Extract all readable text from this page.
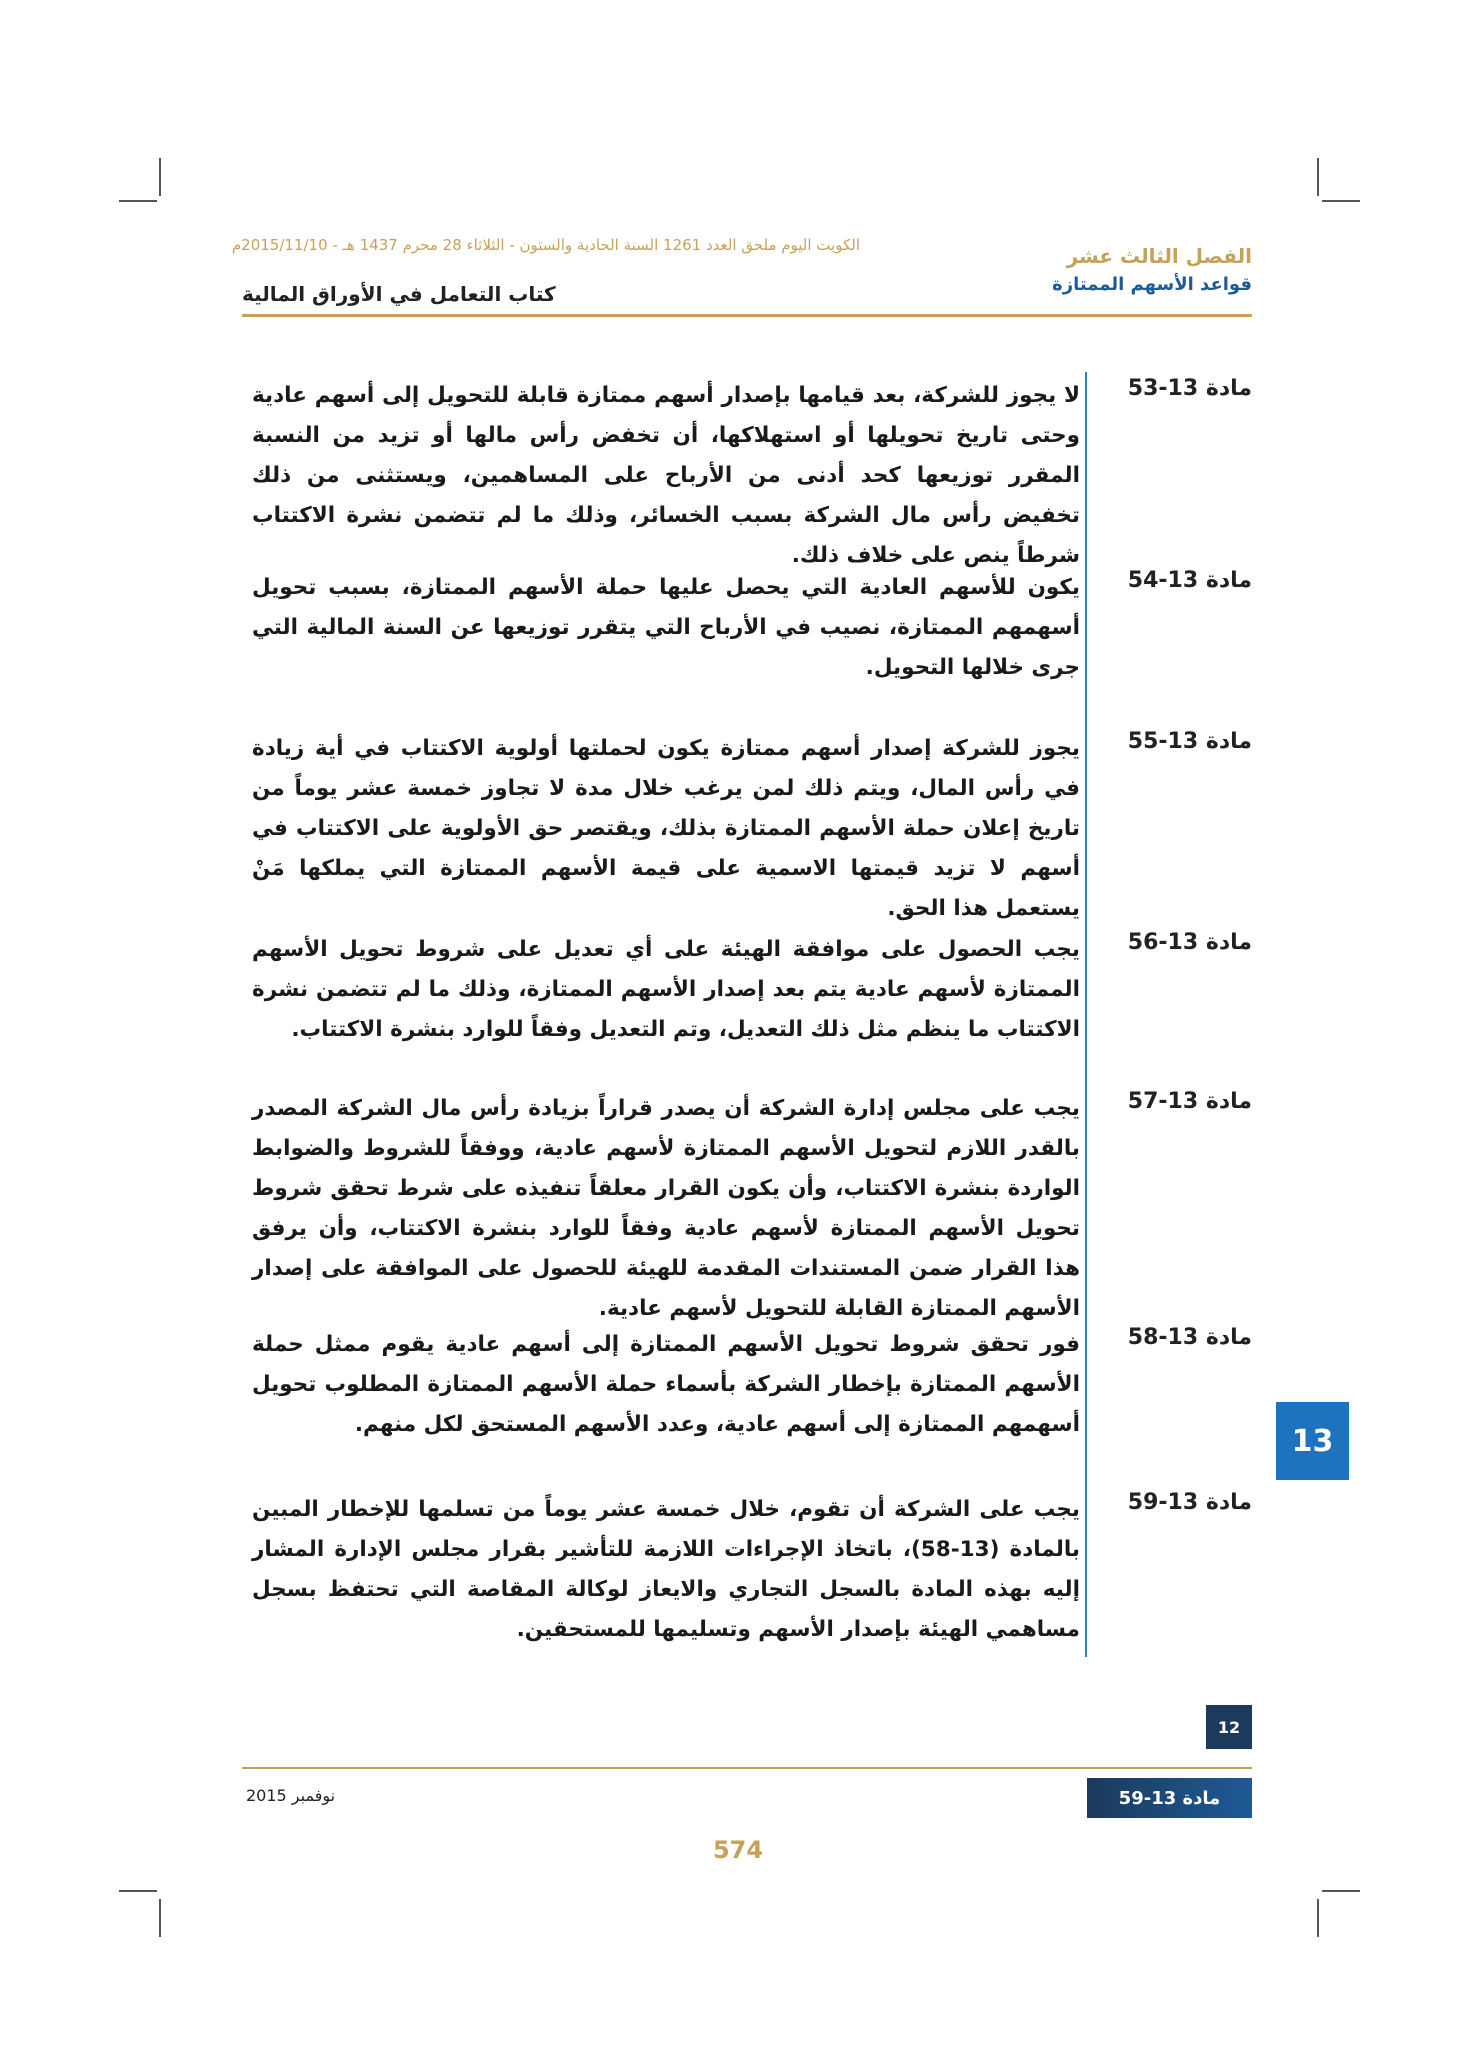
الكويت اليوم ملحق العدد 1261 السنة الحادية والستون - الثلاثاء 28 محرم 1437 هـ - 2015/11/10م	الفصل الثالث عشر
قواعد الأسهم الممتازة
كتاب التعامل في الأوراق المالية
مادة 13-53
لا يجوز للشركة، بعد قيامها بإصدار أسهم ممتازة قابلة للتحويل إلى أسهم عادية وحتى تاريخ تحويلها أو استهلاكها، أن تخفض رأس مالها أو تزيد من النسبة المقرر توزيعها كحد أدنى من الأرباح على المساهمين، ويستثنى من ذلك تخفيض رأس مال الشركة بسبب الخسائر، وذلك ما لم تتضمن نشرة الاكتتاب شرطاً ينص على خلاف ذلك.
مادة 13-54
يكون للأسهم العادية التي يحصل عليها حملة الأسهم الممتازة، بسبب تحويل أسهمهم الممتازة، نصيب في الأرباح التي يتقرر توزيعها عن السنة المالية التي جرى خلالها التحويل.
مادة 13-55
يجوز للشركة إصدار أسهم ممتازة يكون لحملتها أولوية الاكتتاب في أية زيادة في رأس المال، ويتم ذلك لمن يرغب خلال مدة لا تجاوز خمسة عشر يوماً من تاريخ إعلان حملة الأسهم الممتازة بذلك، ويقتصر حق الأولوية على الاكتتاب في أسهم لا تزيد قيمتها الاسمية على قيمة الأسهم الممتازة التي يملكها مَنْ يستعمل هذا الحق.
مادة 13-56
يجب الحصول على موافقة الهيئة على أي تعديل على شروط تحويل الأسهم الممتازة لأسهم عادية يتم بعد إصدار الأسهم الممتازة، وذلك ما لم تتضمن نشرة الاكتتاب ما ينظم مثل ذلك التعديل، وتم التعديل وفقاً للوارد بنشرة الاكتتاب.
مادة 13-57
يجب على مجلس إدارة الشركة أن يصدر قراراً بزيادة رأس مال الشركة المصدر بالقدر اللازم لتحويل الأسهم الممتازة لأسهم عادية، ووفقاً للشروط والضوابط الواردة بنشرة الاكتتاب، وأن يكون القرار معلقاً تنفيذه على شرط تحقق شروط تحويل الأسهم الممتازة لأسهم عادية وفقاً للوارد بنشرة الاكتتاب، وأن يرفق هذا القرار ضمن المستندات المقدمة للهيئة للحصول على الموافقة على إصدار الأسهم الممتازة القابلة للتحويل لأسهم عادية.
مادة 13-58
فور تحقق شروط تحويل الأسهم الممتازة إلى أسهم عادية يقوم ممثل حملة الأسهم الممتازة بإخطار الشركة بأسماء حملة الأسهم الممتازة المطلوب تحويل أسهمهم الممتازة إلى أسهم عادية، وعدد الأسهم المستحق لكل منهم.
مادة 13-59
يجب على الشركة أن تقوم، خلال خمسة عشر يوماً من تسلمها للإخطار المبين بالمادة (13-58)، باتخاذ الإجراءات اللازمة للتأشير بقرار مجلس الإدارة المشار إليه بهذه المادة بالسجل التجاري والايعاز لوكالة المقاصة التي تحتفظ بسجل مساهمي الهيئة بإصدار الأسهم وتسليمها للمستحقين.
13
12
نوفمبر 2015	مادة 13-59
574
